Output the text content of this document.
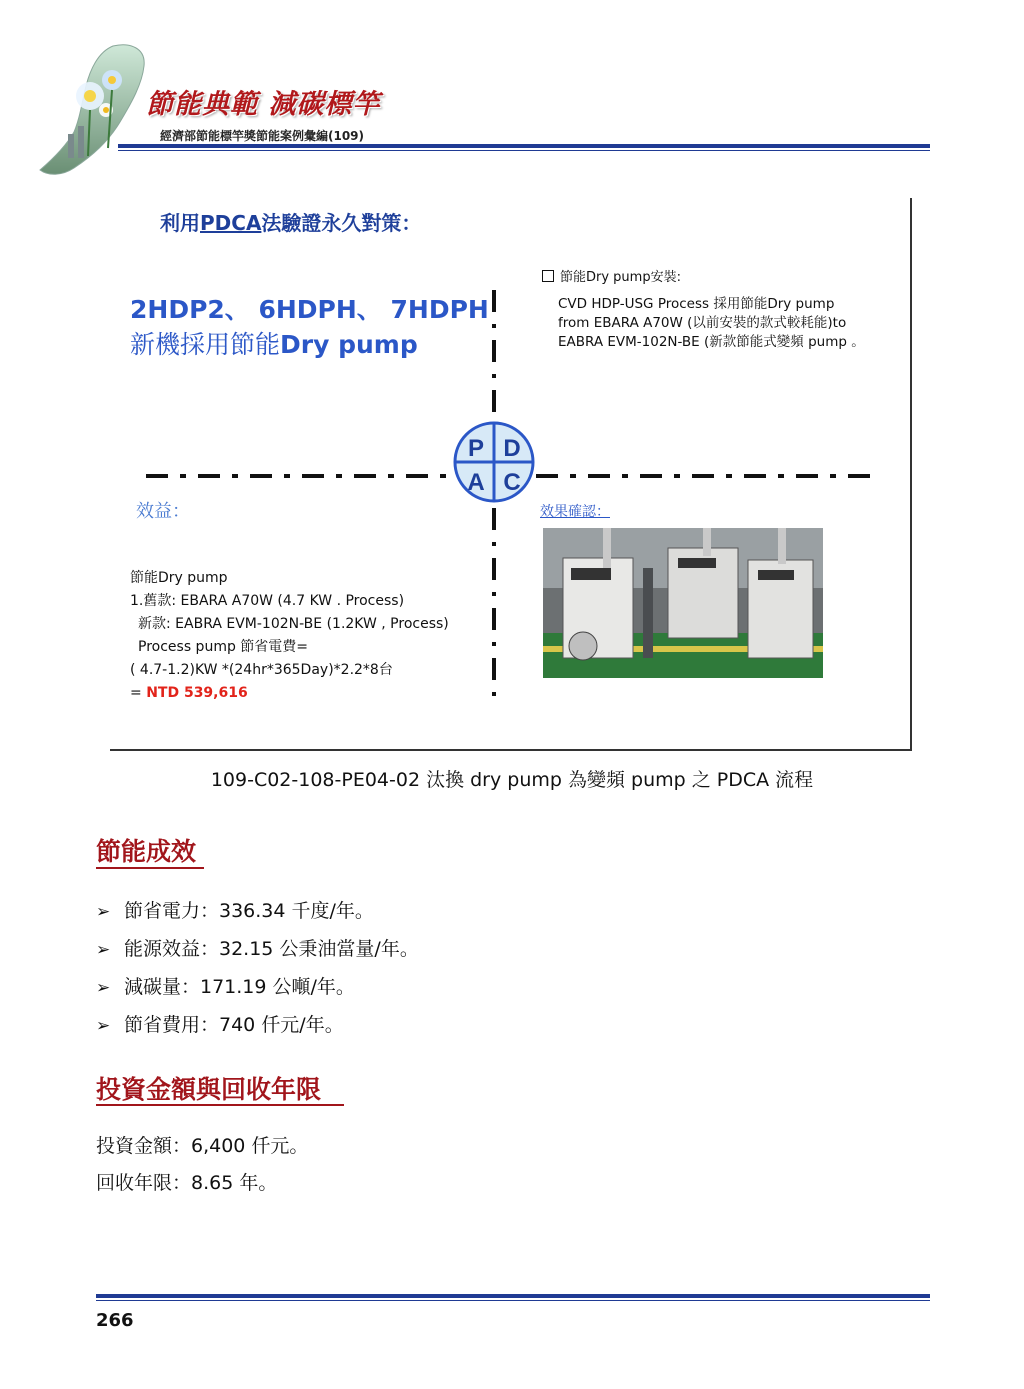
節能典範 減碳標竿
經濟部節能標竿獎節能案例彙編(109)
利用PDCA法驗證永久對策：
2HDP2、 6HDPH、 7HDPH
新機採用節能Dry pump
節能Dry pump安裝:
CVD HDP-USG Process 採用節能Dry pump
from EBARA A70W (以前安裝的款式較耗能)to
EABRA EVM-102N-BE (新款節能式變頻 pump 。
效益：
節能Dry pump
1.舊款: EBARA A70W (4.7 KW . Process)
新款: EABRA EVM-102N-BE (1.2KW , Process)
Process pump 節省電費=
( 4.7-1.2)KW *(24hr*365Day)*2.2*8台
= NTD 539,616
效果確認：
P D
A C
109-C02-108-PE04-02 汰換 dry pump 為變頻 pump 之 PDCA 流程
節能成效
➢ 節省電力：336.34 千度/年。
➢ 能源效益：32.15 公秉油當量/年。
➢ 減碳量：171.19 公噸/年。
➢ 節省費用：740 仟元/年。
投資金額與回收年限
投資金額：6,400 仟元。
回收年限：8.65 年。
266
